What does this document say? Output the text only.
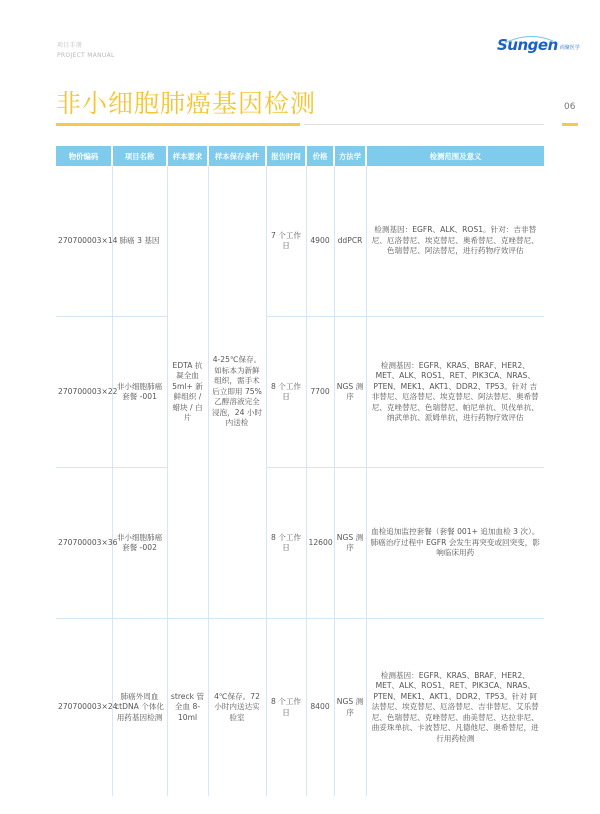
项目手册
PROJECT MANUAL
Sungen 尚聚医学
非小细胞肺癌基因检测	06
物价编码	项目名称	样本要求	样本保存条件	报告时间	价格	方法学	检测范围及意义
270700003×14	肺癌 3 基因	EDTA 抗凝全血 5ml+ 新鲜组织 / 蜡块 / 白片	4-25℃保存。如标本为新鲜组织，需手术后立即用 75% 乙醇溶液完全浸泡，24 小时内送检	7 个工作日	4900	ddPCR	检测基因：EGFR、ALK、ROS1。针对：吉非替尼、厄洛替尼、埃克替尼、奥希替尼、克唑替尼、色瑞替尼、阿法替尼，进行药物疗效评估
270700003×22	非小细胞肺癌套餐 -001			8 个工作日	7700	NGS 测序	检测基因：EGFR、KRAS、BRAF、HER2、MET、ALK、ROS1、RET、PIK3CA、NRAS、PTEN、MEK1、AKT1、DDR2、TP53。针对 吉非替尼、厄洛替尼、埃克替尼、阿法替尼、奥希替尼、克唑替尼、色瑞替尼、帕尼单抗、贝伐单抗、纳武单抗、派姆单抗，进行药物疗效评估
270700003×36	非小细胞肺癌套餐 -002			8 个工作日	12600	NGS 测序	血检追加监控套餐（套餐 001+ 追加血检 3 次）。肺癌治疗过程中 EGFR 会发生再突变或回突变，影响临床用药
270700003×24	肺癌外周血 ctDNA 个体化用药基因检测	streck 管全血 8-10ml	4℃保存。72 小时内送达实验室	8 个工作日	8400	NGS 测序	检测基因：EGFR、KRAS、BRAF、HER2、MET、ALK、ROS1、RET、PIK3CA、NRAS、PTEN、MEK1、AKT1、DDR2、TP53。针对 阿法替尼、埃克替尼、厄洛替尼、吉非替尼、艾乐替尼、色瑞替尼、克唑替尼、曲美替尼、达拉非尼、曲妥珠单抗、卡波替尼、凡德他尼、奥希替尼，进行用药检测
